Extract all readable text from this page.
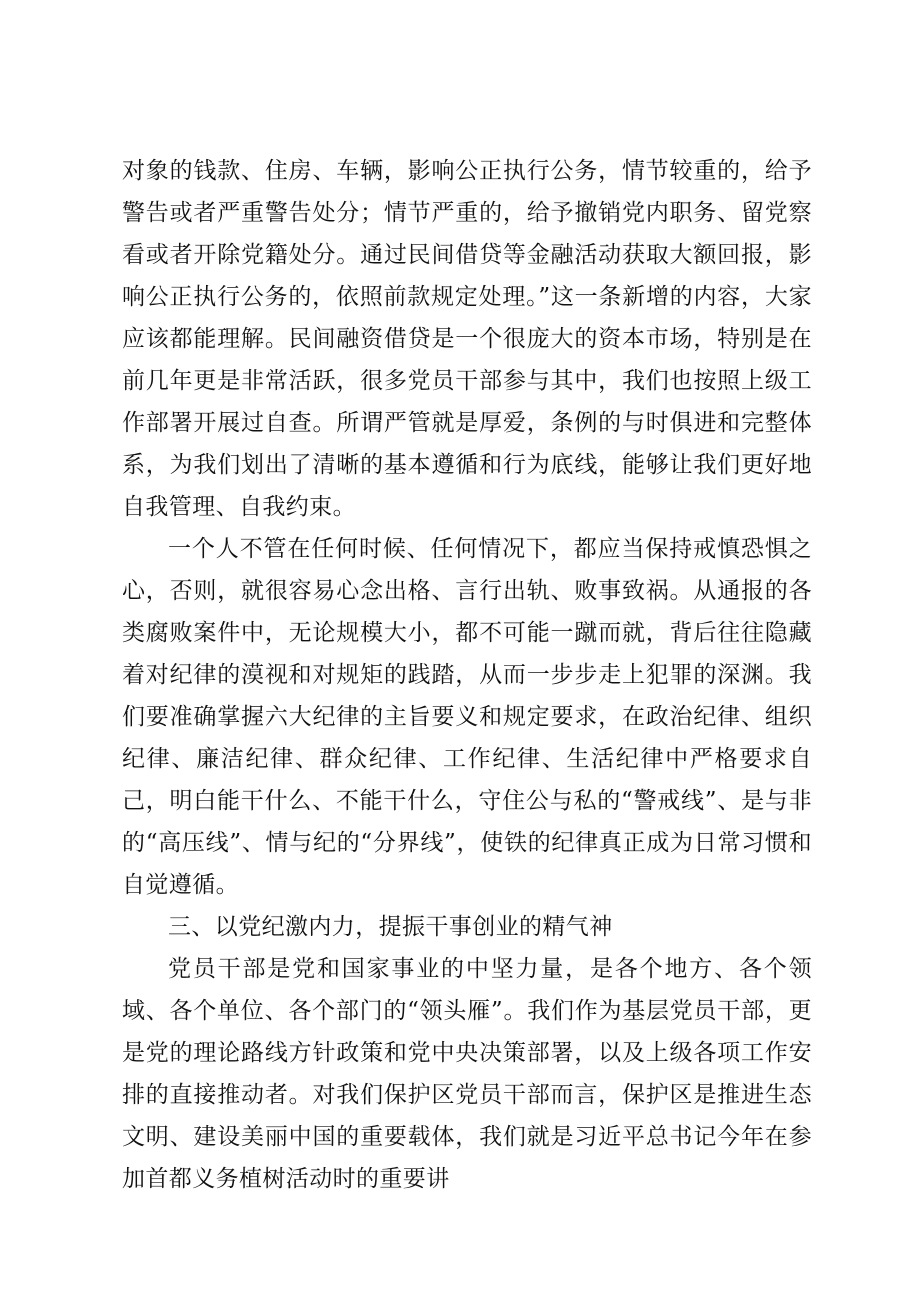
对象的钱款、住房、车辆，影响公正执行公务，情节较重的，给予警告或者严重警告处分；情节严重的，给予撤销党内职务、留党察看或者开除党籍处分。通过民间借贷等金融活动获取大额回报，影响公正执行公务的，依照前款规定处理。”这一条新增的内容，大家应该都能理解。民间融资借贷是一个很庞大的资本市场，特别是在前几年更是非常活跃，很多党员干部参与其中，我们也按照上级工作部署开展过自查。所谓严管就是厚爱，条例的与时俱进和完整体系，为我们划出了清晰的基本遵循和行为底线，能够让我们更好地自我管理、自我约束。

一个人不管在任何时候、任何情况下，都应当保持戒慎恐惧之心，否则，就很容易心念出格、言行出轨、败事致祸。从通报的各类腐败案件中，无论规模大小，都不可能一蹴而就，背后往往隐藏着对纪律的漠视和对规矩的践踏，从而一步步走上犯罪的深渊。我们要准确掌握六大纪律的主旨要义和规定要求，在政治纪律、组织纪律、廉洁纪律、群众纪律、工作纪律、生活纪律中严格要求自己，明白能干什么、不能干什么，守住公与私的“警戒线”、是与非的“高压线”、情与纪的“分界线”，使铁的纪律真正成为日常习惯和自觉遵循。

三、以党纪激内力，提振干事创业的精气神

党员干部是党和国家事业的中坚力量，是各个地方、各个领域、各个单位、各个部门的“领头雁”。我们作为基层党员干部，更是党的理论路线方针政策和党中央决策部署，以及上级各项工作安排的直接推动者。对我们保护区党员干部而言，保护区是推进生态文明、建设美丽中国的重要载体，我们就是习近平总书记今年在参加首都义务植树活动时的重要讲
